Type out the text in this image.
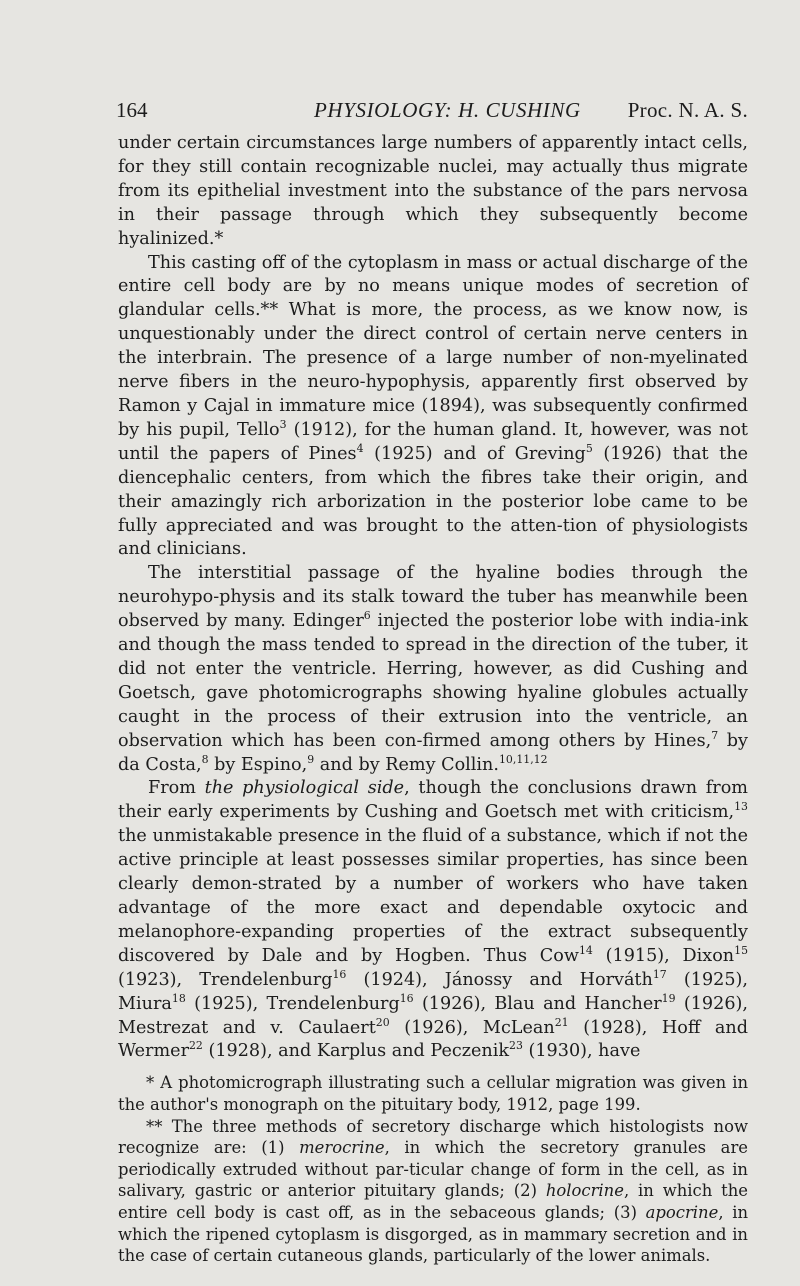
164	PHYSIOLOGY: H. CUSHING Proc. N. A. S.

under certain circumstances large numbers of apparently intact cells, for they still contain recognizable nuclei, may actually thus migrate from its epithelial investment into the substance of the pars nervosa in their passage through which they subsequently become hyalinized.*

This casting off of the cytoplasm in mass or actual discharge of the entire cell body are by no means unique modes of secretion of glandular cells.** What is more, the process, as we know now, is unquestionably under the direct control of certain nerve centers in the interbrain. The presence of a large number of non-myelinated nerve fibers in the neuro-hypophysis, apparently first observed by Ramon y Cajal in immature mice (1894), was subsequently confirmed by his pupil, Tello$^3$ (1912), for the human gland. It, however, was not until the papers of Pines$^4$ (1925) and of Greving$^5$ (1926) that the diencephalic centers, from which the fibres take their origin, and their amazingly rich arborization in the posterior lobe came to be fully appreciated and was brought to the atten-tion of physiologists and clinicians.

The interstitial passage of the hyaline bodies through the neurohypo-physis and its stalk toward the tuber has meanwhile been observed by many. Edinger$^6$ injected the posterior lobe with india-ink and though the mass tended to spread in the direction of the tuber, it did not enter the ventricle. Herring, however, as did Cushing and Goetsch, gave photomicrographs showing hyaline globules actually caught in the process of their extrusion into the ventricle, an observation which has been con-firmed among others by Hines,$^7$ by da Costa,$^8$ by Espino,$^9$ and by Remy Collin.$^{10,11,12}$

From the physiological side, though the conclusions drawn from their early experiments by Cushing and Goetsch met with criticism,$^{13}$ the unmistakable presence in the fluid of a substance, which if not the active principle at least possesses similar properties, has since been clearly demon-strated by a number of workers who have taken advantage of the more exact and dependable oxytocic and melanophore-expanding properties of the extract subsequently discovered by Dale and by Hogben. Thus Cow$^{14}$ (1915), Dixon$^{15}$ (1923), Trendelenburg$^{16}$ (1924), Jánossy and Horváth$^{17}$ (1925), Miura$^{18}$ (1925), Trendelenburg$^{16}$ (1926), Blau and Hancher$^{19}$ (1926), Mestrezat and v. Caulaert$^{20}$ (1926), McLean$^{21}$ (1928), Hoff and Wermer$^{22}$ (1928), and Karplus and Peczenik$^{23}$ (1930), have

* A photomicrograph illustrating such a cellular migration was given in the author's monograph on the pituitary body, 1912, page 199.

** The three methods of secretory discharge which histologists now recognize are: (1) merocrine, in which the secretory granules are periodically extruded without par-ticular change of form in the cell, as in salivary, gastric or anterior pituitary glands; (2) holocrine, in which the entire cell body is cast off, as in the sebaceous glands; (3) apocrine, in which the ripened cytoplasm is disgorged, as in mammary secretion and in the case of certain cutaneous glands, particularly of the lower animals.
